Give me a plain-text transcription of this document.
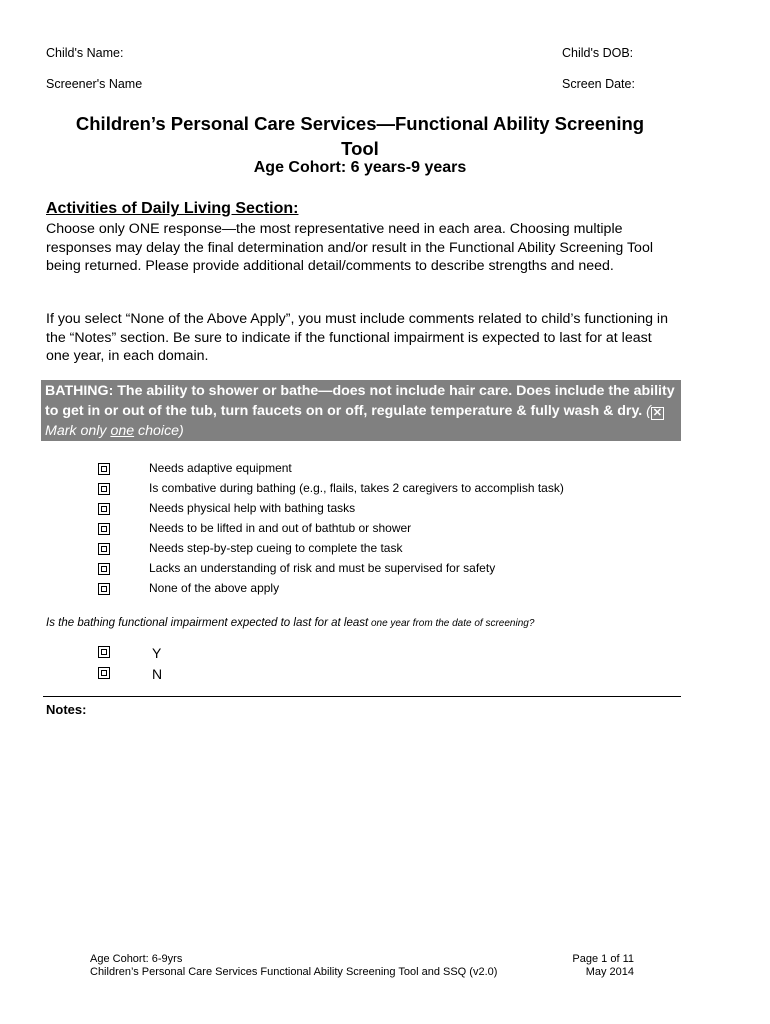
Child's Name:	Child's DOB:
Screener's Name	Screen Date:
Children’s Personal Care Services—Functional Ability Screening
Tool
Age Cohort: 6 years-9 years
Activities of Daily Living Section:

Choose only ONE response—the most representative need in each area. Choosing multiple responses may delay the final determination and/or result in the Functional Ability Screening Tool being returned. Please provide additional detail/comments to describe strengths and need.

If you select “None of the Above Apply”, you must include comments related to child’s functioning in the “Notes” section. Be sure to indicate if the functional impairment is expected to last for at least one year, in each domain.

BATHING: The ability to shower or bathe—does not include hair care. Does include the ability to get in or out of the tub, turn faucets on or off, regulate temperature & fully wash & dry. ( ✕ Mark only one choice)
Needs adaptive equipment
Is combative during bathing (e.g., flails, takes 2 caregivers to accomplish task)
Needs physical help with bathing tasks
Needs to be lifted in and out of bathtub or shower
Needs step-by-step cueing to complete the task
Lacks an understanding of risk and must be supervised for safety
None of the above apply
Is the bathing functional impairment expected to last for at least one year from the date of screening?
Y
N
Notes:
Age Cohort: 6-9yrs
Children’s Personal Care Services Functional Ability Screening Tool and SSQ (v2.0)
Page 1 of 11
May 2014
